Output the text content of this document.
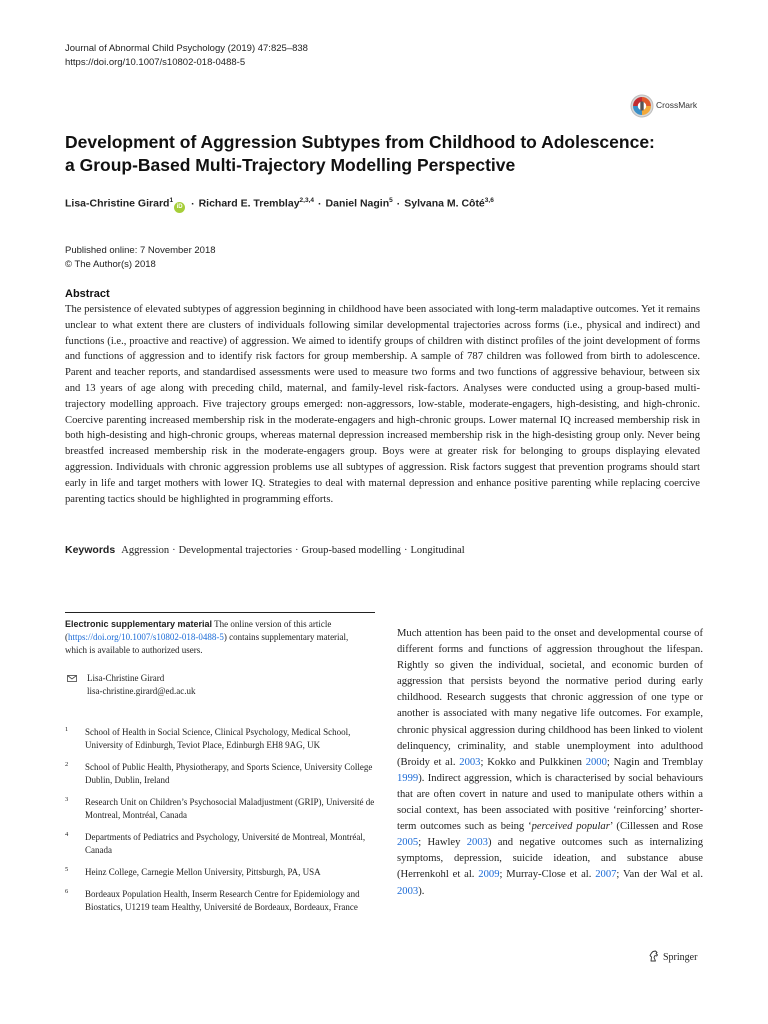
Journal of Abnormal Child Psychology (2019) 47:825–838
https://doi.org/10.1007/s10802-018-0488-5
CrossMark
Development of Aggression Subtypes from Childhood to Adolescence:
a Group-Based Multi-Trajectory Modelling Perspective
Lisa-Christine Girard$^1$iD · Richard E. Tremblay$^{2,3,4}$ · Daniel Nagin$^5$ · Sylvana M. Côté$^{3,6}$
Published online: 7 November 2018
© The Author(s) 2018
Abstract
The persistence of elevated subtypes of aggression beginning in childhood have been associated with long-term maladaptive outcomes. Yet it remains unclear to what extent there are clusters of individuals following similar developmental trajectories across forms (i.e., physical and indirect) and functions (i.e., proactive and reactive) of aggression. We aimed to identify groups of children with distinct profiles of the joint development of forms and functions of aggression and to identify risk factors for group membership. A sample of 787 children was followed from birth to adolescence. Parent and teacher reports, and standardised assessments were used to measure two forms and two functions of aggressive behaviour, between six and 13 years of age along with preceding child, maternal, and family-level risk-factors. Analyses were conducted using a group-based multi-trajectory modelling approach. Five trajectory groups emerged: non-aggressors, low-stable, moderate-engagers, high-desisting, and high-chronic. Coercive parenting increased membership risk in the moderate-engagers and high-chronic groups. Lower maternal IQ increased membership risk in both high-desisting and high-chronic groups, whereas maternal depression increased membership risk in the high-desisting group only. Never being breastfed increased membership risk in the moderate-engagers group. Boys were at greater risk for belonging to groups displaying elevated aggression. Individuals with chronic aggression problems use all subtypes of aggression. Risk factors suggest that prevention programs should start early in life and target mothers with lower IQ. Strategies to deal with maternal depression and enhance positive parenting while replacing coercive parenting tactics should be highlighted in programming efforts.
Keywords Aggression · Developmental trajectories · Group-based modelling · Longitudinal
Electronic supplementary material The online version of this article (https://doi.org/10.1007/s10802-018-0488-5) contains supplementary material, which is available to authorized users.
Lisa-Christine Girard
lisa-christine.girard@ed.ac.uk
1 School of Health in Social Science, Clinical Psychology, Medical School, University of Edinburgh, Teviot Place, Edinburgh EH8 9AG, UK
2 School of Public Health, Physiotherapy, and Sports Science, University College Dublin, Dublin, Ireland
3 Research Unit on Children’s Psychosocial Maladjustment (GRIP), Université de Montreal, Montréal, Canada
4 Departments of Pediatrics and Psychology, Université de Montreal, Montréal, Canada
5 Heinz College, Carnegie Mellon University, Pittsburgh, PA, USA
6 Bordeaux Population Health, Inserm Research Centre for Epidemiology and Biostatics, U1219 team Healthy, Université de Bordeaux, Bordeaux, France
Much attention has been paid to the onset and developmental course of different forms and functions of aggression throughout the lifespan. Rightly so given the individual, societal, and economic burden of aggression that persists beyond the normative period during early childhood. Research suggests that chronic aggression of one type or another is associated with many negative life outcomes. For example, chronic physical aggression during childhood has been linked to violent delinquency, criminality, and stable unemployment into adulthood (Broidy et al. 2003; Kokko and Pulkkinen 2000; Nagin and Tremblay 1999). Indirect aggression, which is characterised by social behaviours that are often covert in nature and used to manipulate others within a social context, has been associated with positive ‘reinforcing’ shorter-term outcomes such as being ‘perceived popular’ (Cillessen and Rose 2005; Hawley 2003) and negative outcomes such as internalizing symptoms, depression, suicide ideation, and substance abuse (Herrenkohl et al. 2009; Murray-Close et al. 2007; Van der Wal et al. 2003).
Springer
